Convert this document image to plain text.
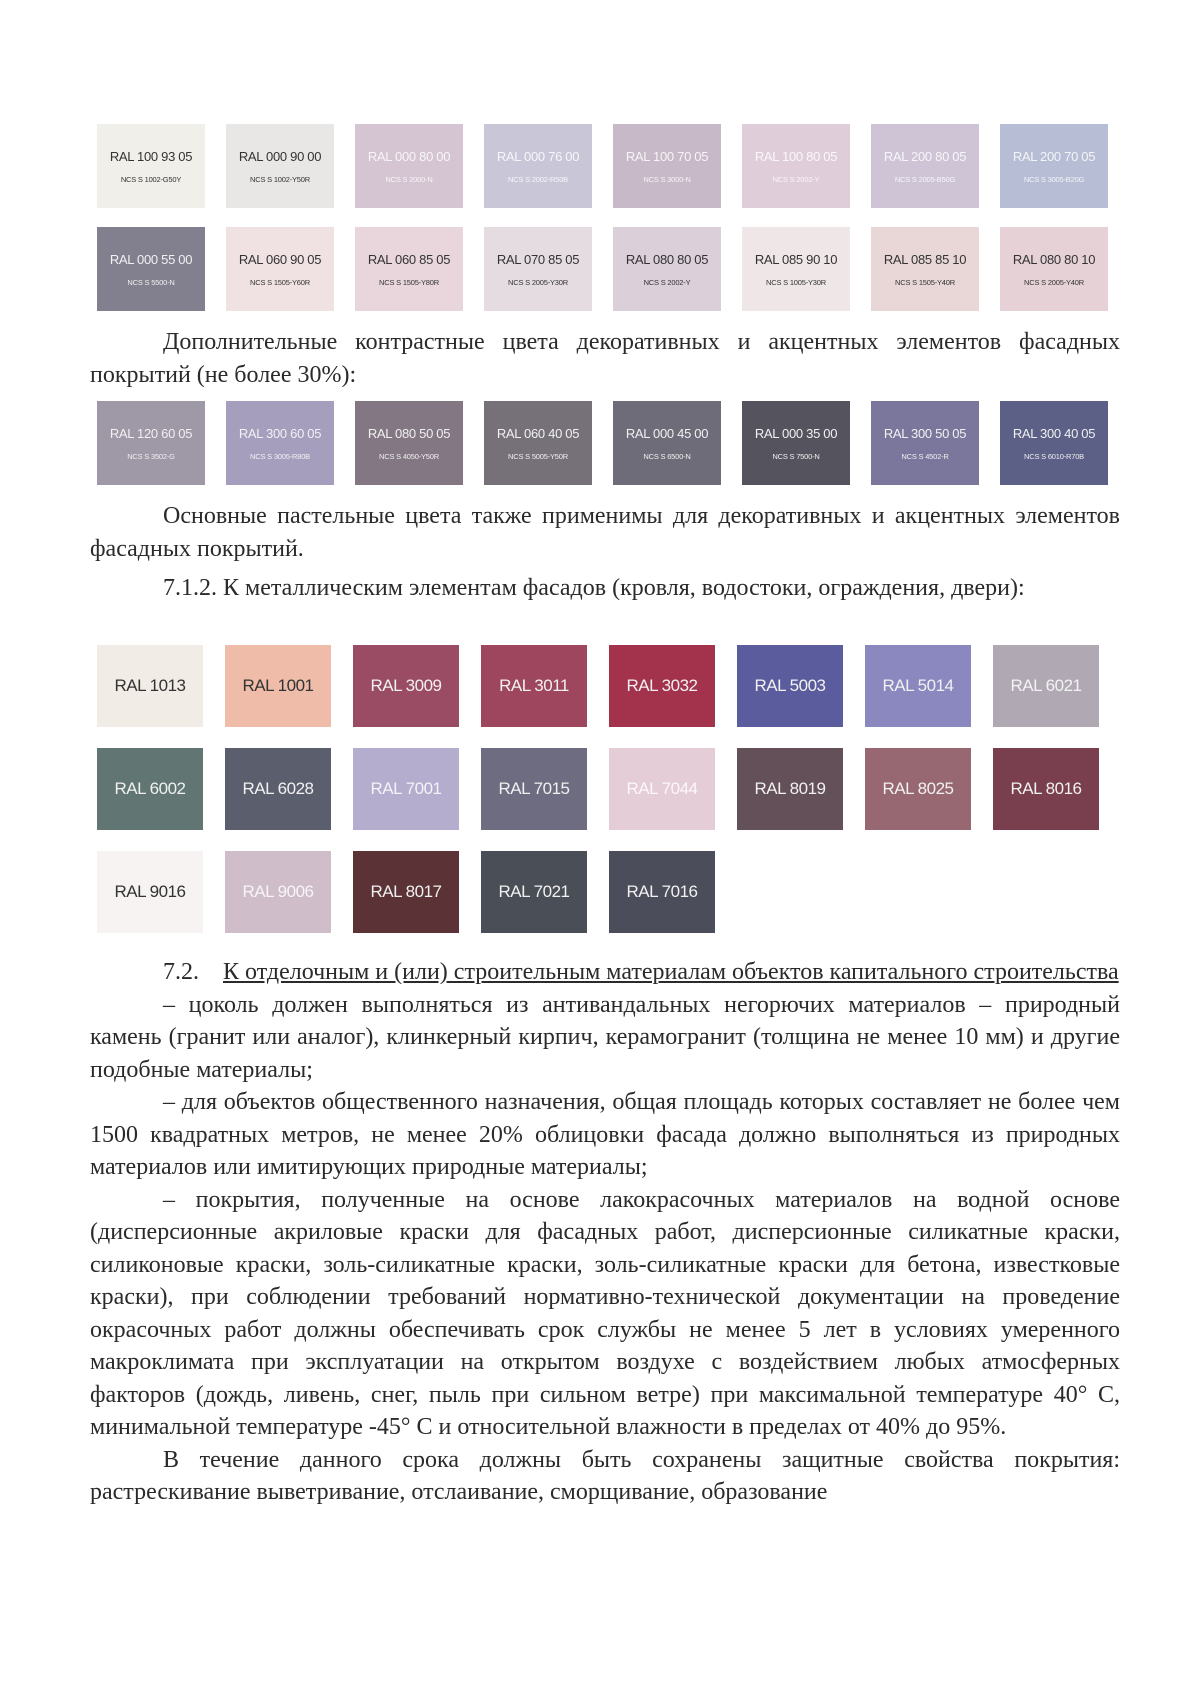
RAL 100 93 05
NCS S 1002-G50Y
RAL 000 90 00
NCS S 1002-Y50R
RAL 000 80 00
NCS S 2000-N
RAL 000 76 00
NCS S 2002-R50B
RAL 100 70 05
NCS S 3000-N
RAL 100 80 05
NCS S 2002-Y
RAL 200 80 05
NCS S 2005-B50G
RAL 200 70 05
NCS S 3005-B20G
RAL 000 55 00
NCS S 5500-N
RAL 060 90 05
NCS S 1505-Y60R
RAL 060 85 05
NCS S 1505-Y80R
RAL 070 85 05
NCS S 2005-Y30R
RAL 080 80 05
NCS S 2002-Y
RAL 085 90 10
NCS S 1005-Y30R
RAL 085 85 10
NCS S 1505-Y40R
RAL 080 80 10
NCS S 2005-Y40R

Дополнительные контрастные цвета декоративных и акцентных элементов фасадных покрытий (не более 30%):

RAL 120 60 05
NCS S 3502-G
RAL 300 60 05
NCS S 3005-R80B
RAL 080 50 05
NCS S 4050-Y50R
RAL 060 40 05
NCS S 5005-Y50R
RAL 000 45 00
NCS S 6500-N
RAL 000 35 00
NCS S 7500-N
RAL 300 50 05
NCS S 4502-R
RAL 300 40 05
NCS S 6010-R70B

Основные пастельные цвета также применимы для декоративных и акцентных элементов фасадных покрытий.

7.1.2. К металлическим элементам фасадов (кровля, водостоки, ограждения, двери):

RAL 1013	RAL 1001	RAL 3009	RAL 3011	RAL 3032	RAL 5003	RAL 5014	RAL 6021
RAL 6002	RAL 6028	RAL 7001	RAL 7015	RAL 7044	RAL 8019	RAL 8025	RAL 8016
RAL 9016	RAL 9006	RAL 8017	RAL 7021	RAL 7016

7.2. К отделочным и (или) строительным материалам объектов капитального строительства

– цоколь должен выполняться из антивандальных негорючих материалов – природный камень (гранит или аналог), клинкерный кирпич, керамогранит (толщина не менее 10 мм) и другие подобные материалы;

– для объектов общественного назначения, общая площадь которых составляет не более чем 1500 квадратных метров, не менее 20% облицовки фасада должно выполняться из природных материалов или имитирующих природные материалы;

– покрытия, полученные на основе лакокрасочных материалов на водной основе (дисперсионные акриловые краски для фасадных работ, дисперсионные силикатные краски, силиконовые краски, золь-силикатные краски, золь-силикатные краски для бетона, известковые краски), при соблюдении требований нормативно-технической документации на проведение окрасочных работ должны обеспечивать срок службы не менее 5 лет в условиях умеренного макроклимата при эксплуатации на открытом воздухе с воздействием любых атмосферных факторов (дождь, ливень, снег, пыль при сильном ветре) при максимальной температуре 40° С, минимальной температуре -45° С и относительной влажности в пределах от 40% до 95%.

В течение данного срока должны быть сохранены защитные свойства покрытия: растрескивание выветривание, отслаивание, сморщивание, образование
